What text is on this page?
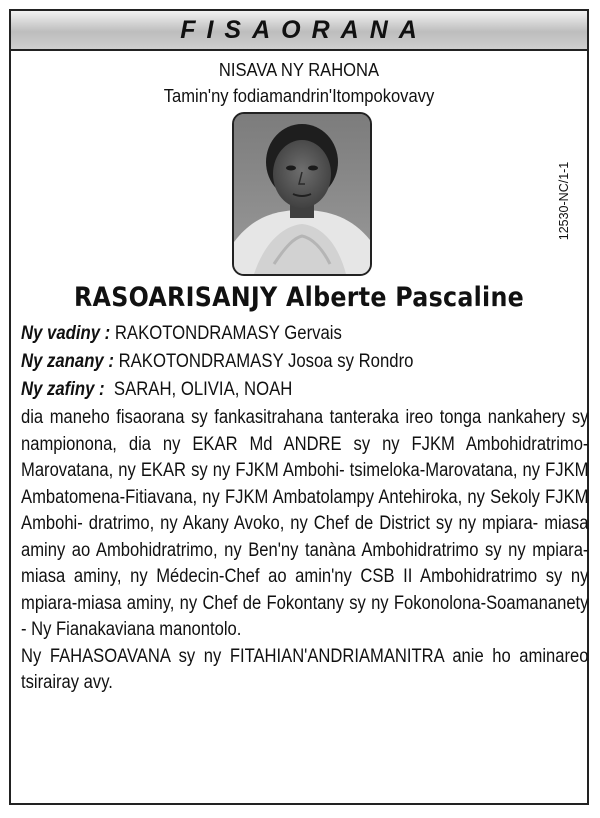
FISAORANA
NISAVA NY RAHONA
Tamin'ny fodiamandrin'Itompokovavy
12530-NC/1-1
RASOARISANJY Alberte Pascaline
Ny vadiny : RAKOTONDRAMASY Gervais
Ny zanany : RAKOTONDRAMASY Josoa sy Rondro
Ny zafiny :  SARAH, OLIVIA, NOAH

dia maneho fisaorana sy fankasitrahana tanteraka ireo tonga nankahery sy nampionona, dia ny EKAR Md ANDRE sy ny FJKM Ambohidratrimo-Marovatana, ny EKAR sy ny FJKM Ambohi- tsimeloka-Marovatana, ny FJKM Ambatomena-Fitiavana, ny FJKM Ambatolampy Antehiroka, ny Sekoly FJKM Ambohi- dratrimo, ny Akany Avoko, ny Chef de District sy ny mpiara- miasa aminy ao Ambohidratrimo, ny Ben'ny tanàna Ambohidratrimo sy ny mpiara-miasa aminy, ny Médecin-Chef ao amin'ny CSB II Ambohidratrimo sy ny mpiara-miasa aminy, ny Chef de Fokontany sy ny Fokonolona-Soamananety - Ny Fianakaviana manontolo.

Ny FAHASOAVANA sy ny FITAHIAN'ANDRIAMANITRA anie ho aminareo tsirairay avy.
